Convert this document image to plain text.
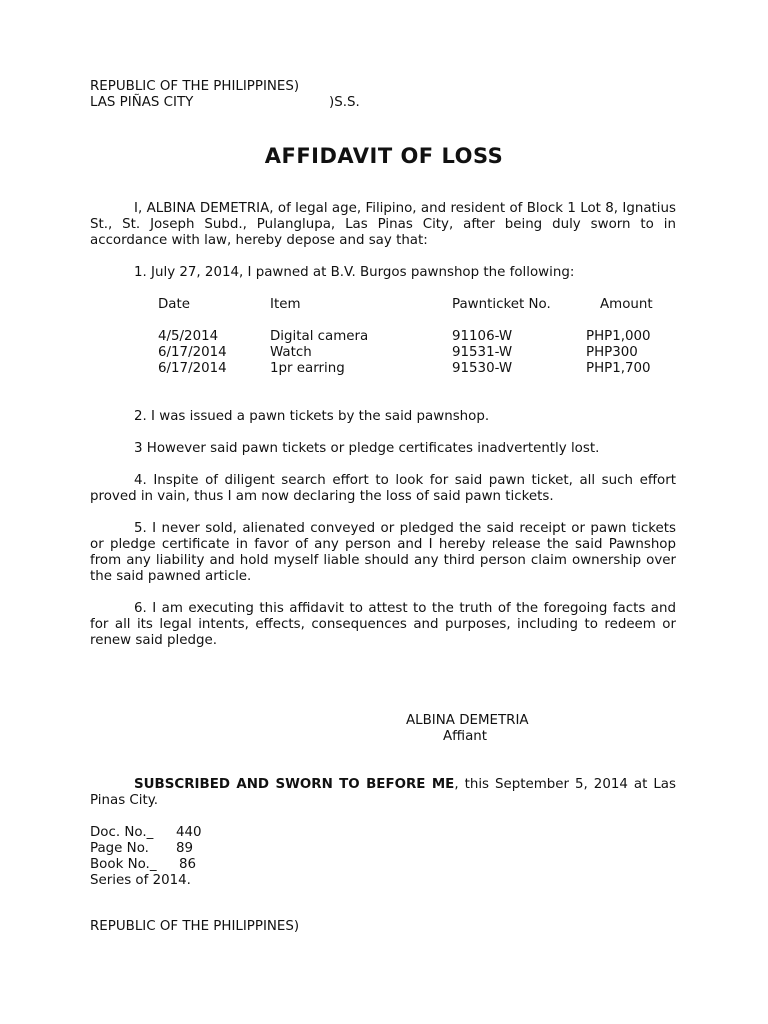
REPUBLIC OF THE PHILIPPINES)
LAS PIÑAS CITY	)S.S.
AFFIDAVIT OF LOSS
I, ALBINA DEMETRIA, of legal age, Filipino, and resident of Block 1 Lot 8, Ignatius St., St. Joseph Subd., Pulanglupa, Las Pinas City, after being duly sworn to in accordance with law, hereby depose and say that:
1. July 27, 2014, I pawned at B.V. Burgos pawnshop the following:
Date	Item	Pawnticket No.	Amount
4/5/2014	Digital camera	91106-W	PHP1,000
6/17/2014	Watch	91531-W	PHP300
6/17/2014	1pr earring	91530-W	PHP1,700
2. I was issued a pawn tickets by the said pawnshop.
3 However said pawn tickets or pledge certificates inadvertently lost.
4. Inspite of diligent search effort to look for said pawn ticket, all such effort proved in vain, thus I am now declaring the loss of said pawn tickets.
5. I never sold, alienated conveyed or pledged the said receipt or pawn tickets or pledge certificate in favor of any person and I hereby release the said Pawnshop from any liability and hold myself liable should any third person claim ownership over the said pawned article.
6. I am executing this affidavit to attest to the truth of the foregoing facts and for all its legal intents, effects, consequences and purposes, including to redeem or renew said pledge.
ALBINA DEMETRIA
Affiant
SUBSCRIBED AND SWORN TO BEFORE ME, this September 5, 2014 at Las Pinas City.
Doc. No._ 440
Page No. 89
Book No._ 86
Series of 2014.
REPUBLIC OF THE PHILIPPINES)
